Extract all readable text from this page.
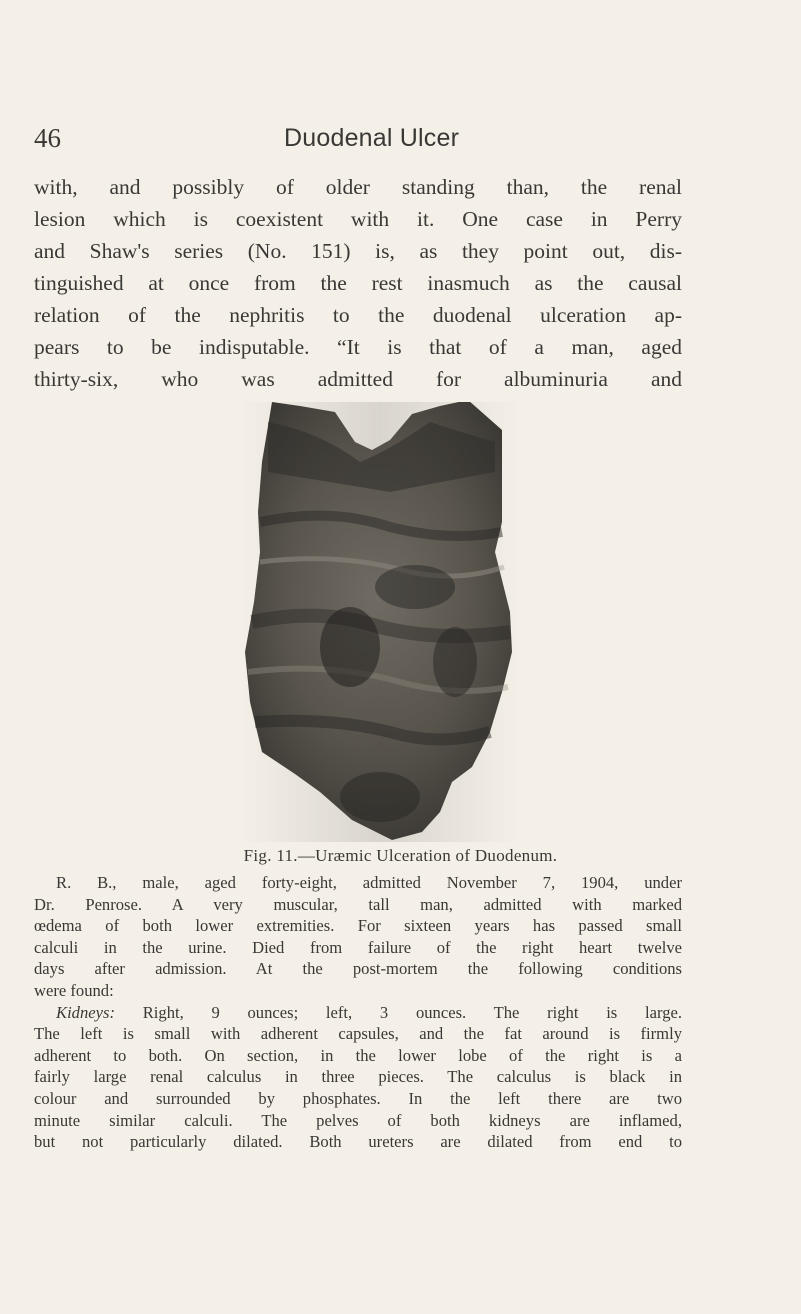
46	Duodenal Ulcer

with, and possibly of older standing than, the renal
lesion which is coexistent with it. One case in Perry
and Shaw's series (No. 151) is, as they point out, dis-
tinguished at once from the rest inasmuch as the causal
relation of the nephritis to the duodenal ulceration ap-
pears to be indisputable. “It is that of a man, aged
thirty-six, who was admitted for albuminuria and

Fig. 11.—Uræmic Ulceration of Duodenum.
R. B., male, aged forty-eight, admitted November 7, 1904, under
Dr. Penrose. A very muscular, tall man, admitted with marked
œdema of both lower extremities. For sixteen years has passed small
calculi in the urine. Died from failure of the right heart twelve
days after admission. At the post-mortem the following conditions
were found:
Kidneys: Right, 9 ounces; left, 3 ounces. The right is large.
The left is small with adherent capsules, and the fat around is firmly
adherent to both. On section, in the lower lobe of the right is a
fairly large renal calculus in three pieces. The calculus is black in
colour and surrounded by phosphates. In the left there are two
minute similar calculi. The pelves of both kidneys are inflamed,
but not particularly dilated. Both ureters are dilated from end to
